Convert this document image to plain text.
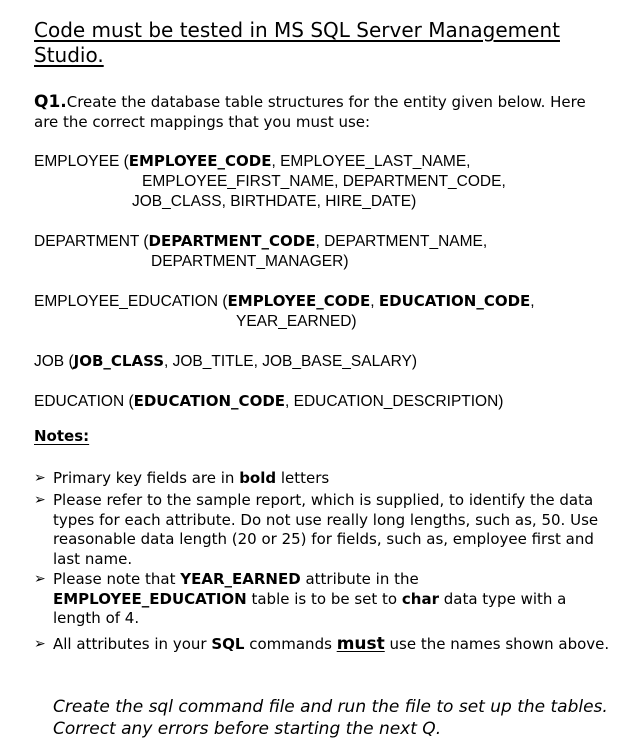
Code must be tested in MS SQL Server Management Studio.
Q1.Create the database table structures for the entity given below. Here are the correct mappings that you must use:
EMPLOYEE (EMPLOYEE_CODE, EMPLOYEE_LAST_NAME,
EMPLOYEE_FIRST_NAME, DEPARTMENT_CODE,
JOB_CLASS, BIRTHDATE, HIRE_DATE)
DEPARTMENT (DEPARTMENT_CODE, DEPARTMENT_NAME,
DEPARTMENT_MANAGER)
EMPLOYEE_EDUCATION (EMPLOYEE_CODE, EDUCATION_CODE,
YEAR_EARNED)
JOB (JOB_CLASS, JOB_TITLE, JOB_BASE_SALARY)
EDUCATION (EDUCATION_CODE, EDUCATION_DESCRIPTION)
Notes:
➢ Primary key fields are in bold letters
➢ Please refer to the sample report, which is supplied, to identify the data types for each attribute. Do not use really long lengths, such as, 50. Use reasonable data length (20 or 25) for fields, such as, employee first and last name.
➢ Please note that YEAR_EARNED attribute in the EMPLOYEE_EDUCATION table is to be set to char data type with a length of 4.
➢ All attributes in your SQL commands must use the names shown above.
Create the sql command file and run the file to set up the tables. Correct any errors before starting the next Q.
